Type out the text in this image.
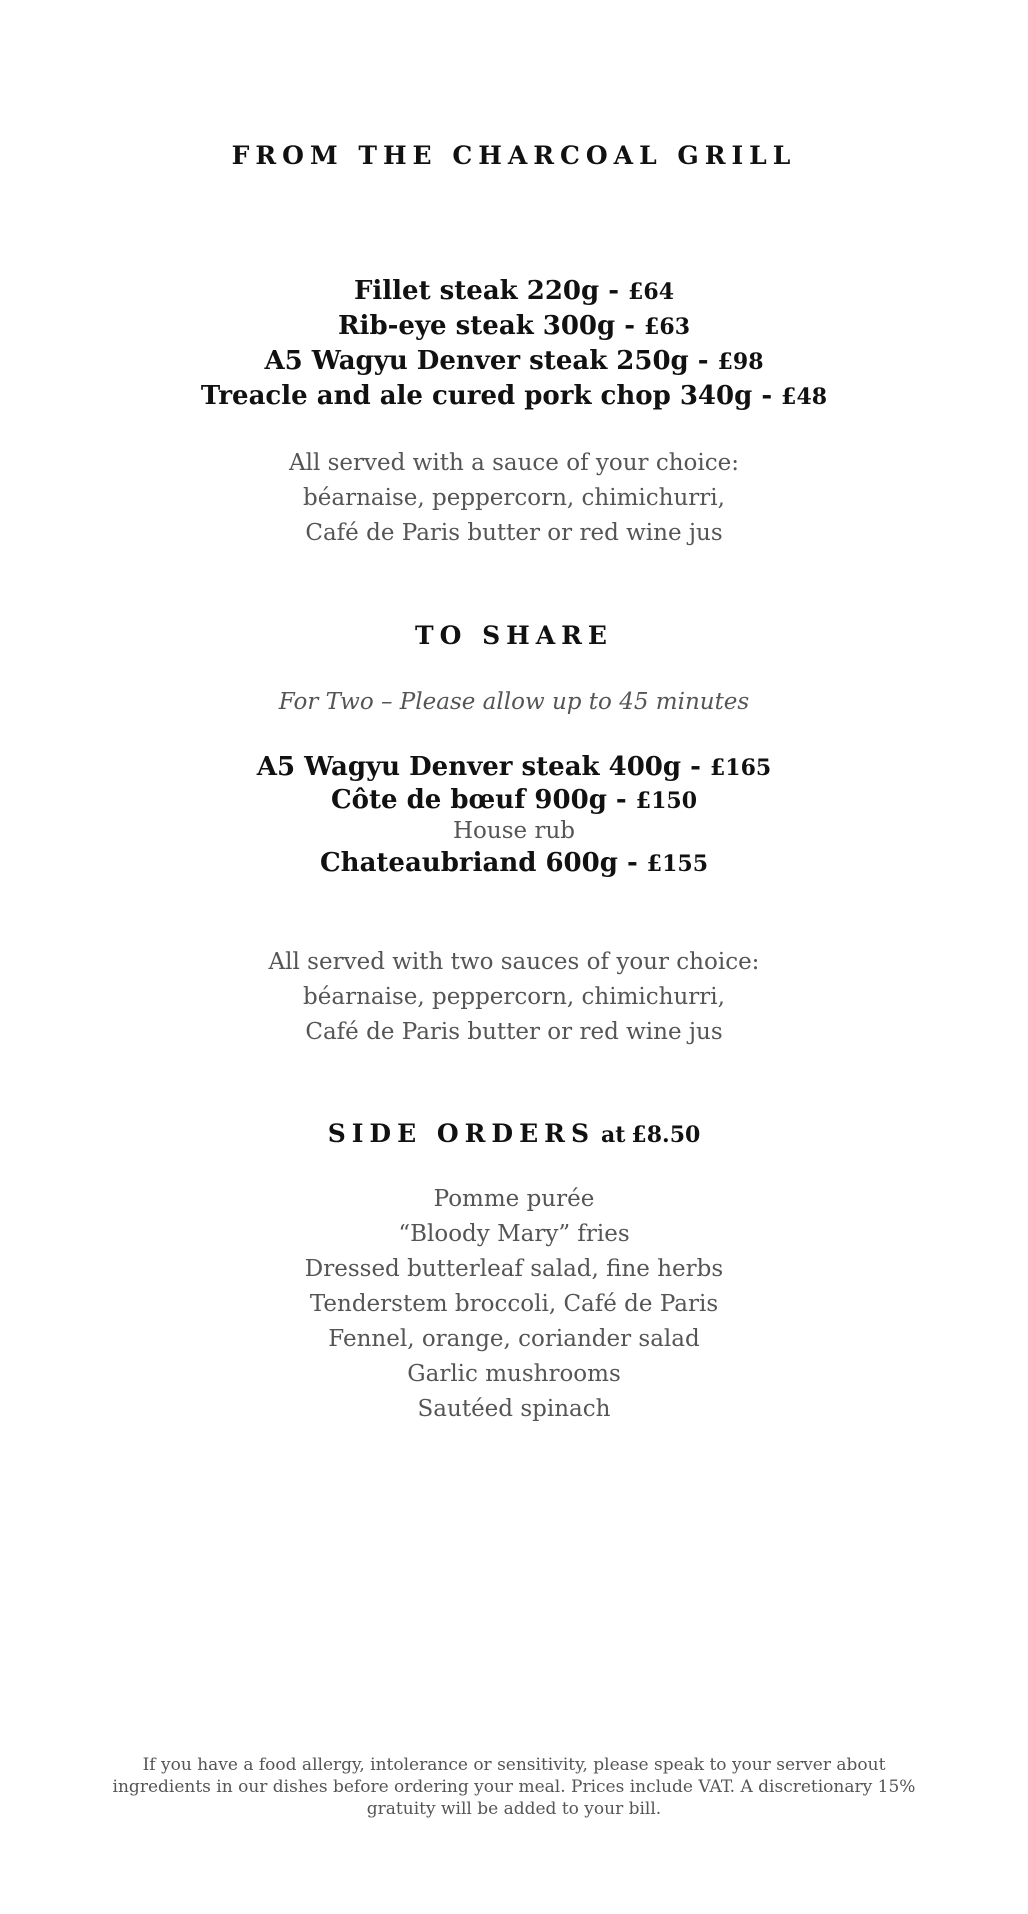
FROM THE CHARCOAL GRILL
Fillet steak 220g - £64
Rib-eye steak 300g - £63
A5 Wagyu Denver steak 250g - £98
Treacle and ale cured pork chop 340g - £48
All served with a sauce of your choice:
béarnaise, peppercorn, chimichurri,
Café de Paris butter or red wine jus
TO SHARE
For Two – Please allow up to 45 minutes
A5 Wagyu Denver steak 400g - £165
Côte de bœuf 900g - £150
House rub
Chateaubriand 600g - £155
All served with two sauces of your choice:
béarnaise, peppercorn, chimichurri,
Café de Paris butter or red wine jus
SIDE ORDERS at £8.50
Pomme purée
“Bloody Mary” fries
Dressed butterleaf salad, fine herbs
Tenderstem broccoli, Café de Paris
Fennel, orange, coriander salad
Garlic mushrooms
Sautéed spinach
If you have a food allergy, intolerance or sensitivity, please speak to your server about ingredients in our dishes before ordering your meal. Prices include VAT. A discretionary 15% gratuity will be added to your bill.
